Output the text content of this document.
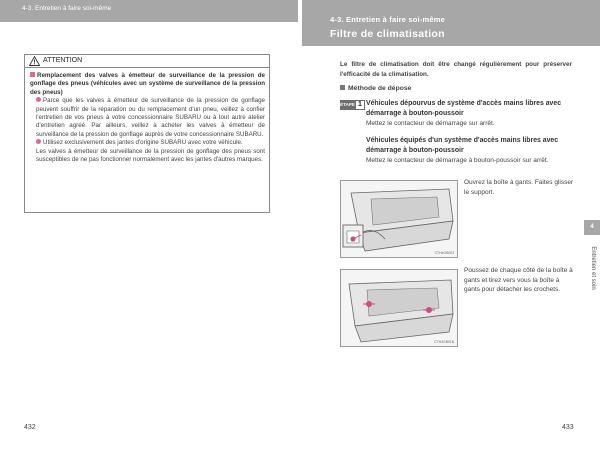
4-3. Entretien à faire soi-même
ATTENTION
Remplacement des valves à émetteur de surveillance de la pression de gonflage des pneus (véhicules avec un système de surveillance de la pression des pneus)
Parce que les valves à émetteur de surveillance de la pression de gonflage peuvent souffrir de la réparation ou du remplacement d'un pneu, veillez à confier l'entretien de vos pneus à votre concessionnaire SUBARU ou à tout autre atelier d'entretien agréé. Par ailleurs, veillez à acheter les valves à émetteur de surveillance de la pression de gonflage auprès de votre concessionnaire SUBARU.
Utilisez exclusivement des jantes d'origine SUBARU avec votre véhicule.
Les valves à émetteur de surveillance de la pression de gonflage des pneus sont susceptibles de ne pas fonctionner normalement avec les jantes d'autres marques.
432
4-3. Entretien à faire soi-même
Filtre de climatisation
Le filtre de climatisation doit être changé régulièrement pour préserver l'efficacité de la climatisation.
Méthode de dépose
ÉTAPE 1 Véhicules dépourvus de système d'accès mains libres avec démarrage à bouton-poussoir
Mettez le contacteur de démarrage sur arrêt.
Véhicules équipés d'un système d'accès mains libres avec démarrage à bouton-poussoir
Mettez le contacteur de démarrage à bouton-poussoir sur arrêt.
CTH4GB003
Ouvrez la boîte à gants. Faites glisser le support.
CTH4GB01B
Poussez de chaque côté de la boîte à gants et tirez vers vous la boîte à gants pour détacher les crochets.
4
Entretien et soin
433
